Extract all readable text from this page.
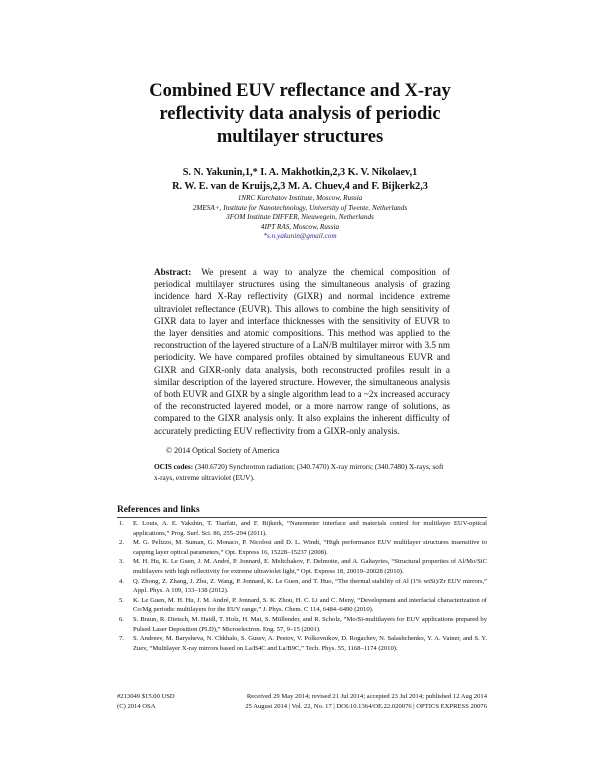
Combined EUV reflectance and X-ray
reflectivity data analysis of periodic
multilayer structures
S. N. Yakunin,1,* I. A. Makhotkin,2,3 K. V. Nikolaev,1
R. W. E. van de Kruijs,2,3 M. A. Chuev,4 and F. Bijkerk2,3
1NRC Kurchatov Institute, Moscow, Russia
2MESA+, Institute for Nanotechnology, University of Twente, Netherlands
3FOM Institute DIFFER, Nieuwegein, Netherlands
4IPT RAS, Moscow, Russia
*s.n.yakunin@gmail.com
Abstract: We present a way to analyze the chemical composition of periodical multilayer structures using the simultaneous analysis of grazing incidence hard X-Ray reflectivity (GIXR) and normal incidence extreme ultraviolet reflectance (EUVR). This allows to combine the high sensitivity of GIXR data to layer and interface thicknesses with the sensitivity of EUVR to the layer densities and atomic compositions. This method was applied to the reconstruction of the layered structure of a LaN/B multilayer mirror with 3.5 nm periodicity. We have compared profiles obtained by simultaneous EUVR and GIXR and GIXR-only data analysis, both reconstructed profiles result in a similar description of the layered structure. However, the simultaneous analysis of both EUVR and GIXR by a single algorithm lead to a ~2x increased accuracy of the reconstructed layered model, or a more narrow range of solutions, as compared to the GIXR analysis only. It also explains the inherent difficulty of accurately predicting EUV reflectivity from a GIXR-only analysis.
© 2014 Optical Society of America
OCIS codes: (340.6720) Synchrotron radiation; (340.7470) X-ray mirrors; (340.7480) X-rays, soft x-rays, extreme ultraviolet (EUV).
References and links
1. E. Louis, A. E. Yakshin, T. Tsarfati, and F. Bijkerk, “Nanometer interface and materials control for multilayer EUV-optical applications,” Prog. Surf. Sci. 86, 255–294 (2011).
2. M. G. Pelizzo, M. Suman, G. Monaco, P. Nicolosi and D. L. Windt, “High performance EUV multilayer structures insensitive to capping layer optical parameters,” Opt. Express 16, 15228–15237 (2008).
3. M. H. Hu, K. Le Guen, J. M. André, P. Jonnard, E. Meltchakov, F. Delmotte, and A. Galtayries, “Structural properties of Al/Mo/SiC multilayers with high reflectivity for extreme ultraviolet light,” Opt. Express 18, 20019–20028 (2010).
4. Q. Zhong, Z. Zhang, J. Zhu, Z. Wang, P. Jonnard, K. Le Guen, and T. Huo, “The thermal stability of Al (1% wtSi)/Zr EUV mirrors,” Appl. Phys. A 109, 133–138 (2012).
5. K. Le Guen, M. H. Hu, J. M. André, P. Jonnard, S. K. Zhou, H. C. Li and C. Meny, “Development and interfacial characterization of Co/Mg periodic multilayers for the EUV range,” J. Phys. Chem. C 114, 6484–6490 (2010).
6. S. Braun, R. Dietsch, M. Haidl, T. Holz, H. Mai, S. Müllender, and R. Scholz, “Mo/Si-multilayers for EUV applications prepared by Pulsed Laser Deposition (PLD),” Microelectron. Eng. 57, 9–15 (2001).
7. S. Andreev, M. Barysheva, N. Chkhalo, S. Gusev, A. Pestov, V. Polkovnikov, D. Rogachev, N. Salashchenko, Y. A. Vainer, and S. Y. Zuev, “Multilayer X-ray mirrors based on La/B4C and La/B9C,” Tech. Phys. 55, 1168–1174 (2010).
#213049 $15.00 USD	Received 29 May 2014; revised 21 Jul 2014; accepted 23 Jul 2014; published 12 Aug 2014
(C) 2014 OSA	25 August 2014 | Vol. 22, No. 17 | DOI:10.1364/OE.22.020076 | OPTICS EXPRESS 20076
